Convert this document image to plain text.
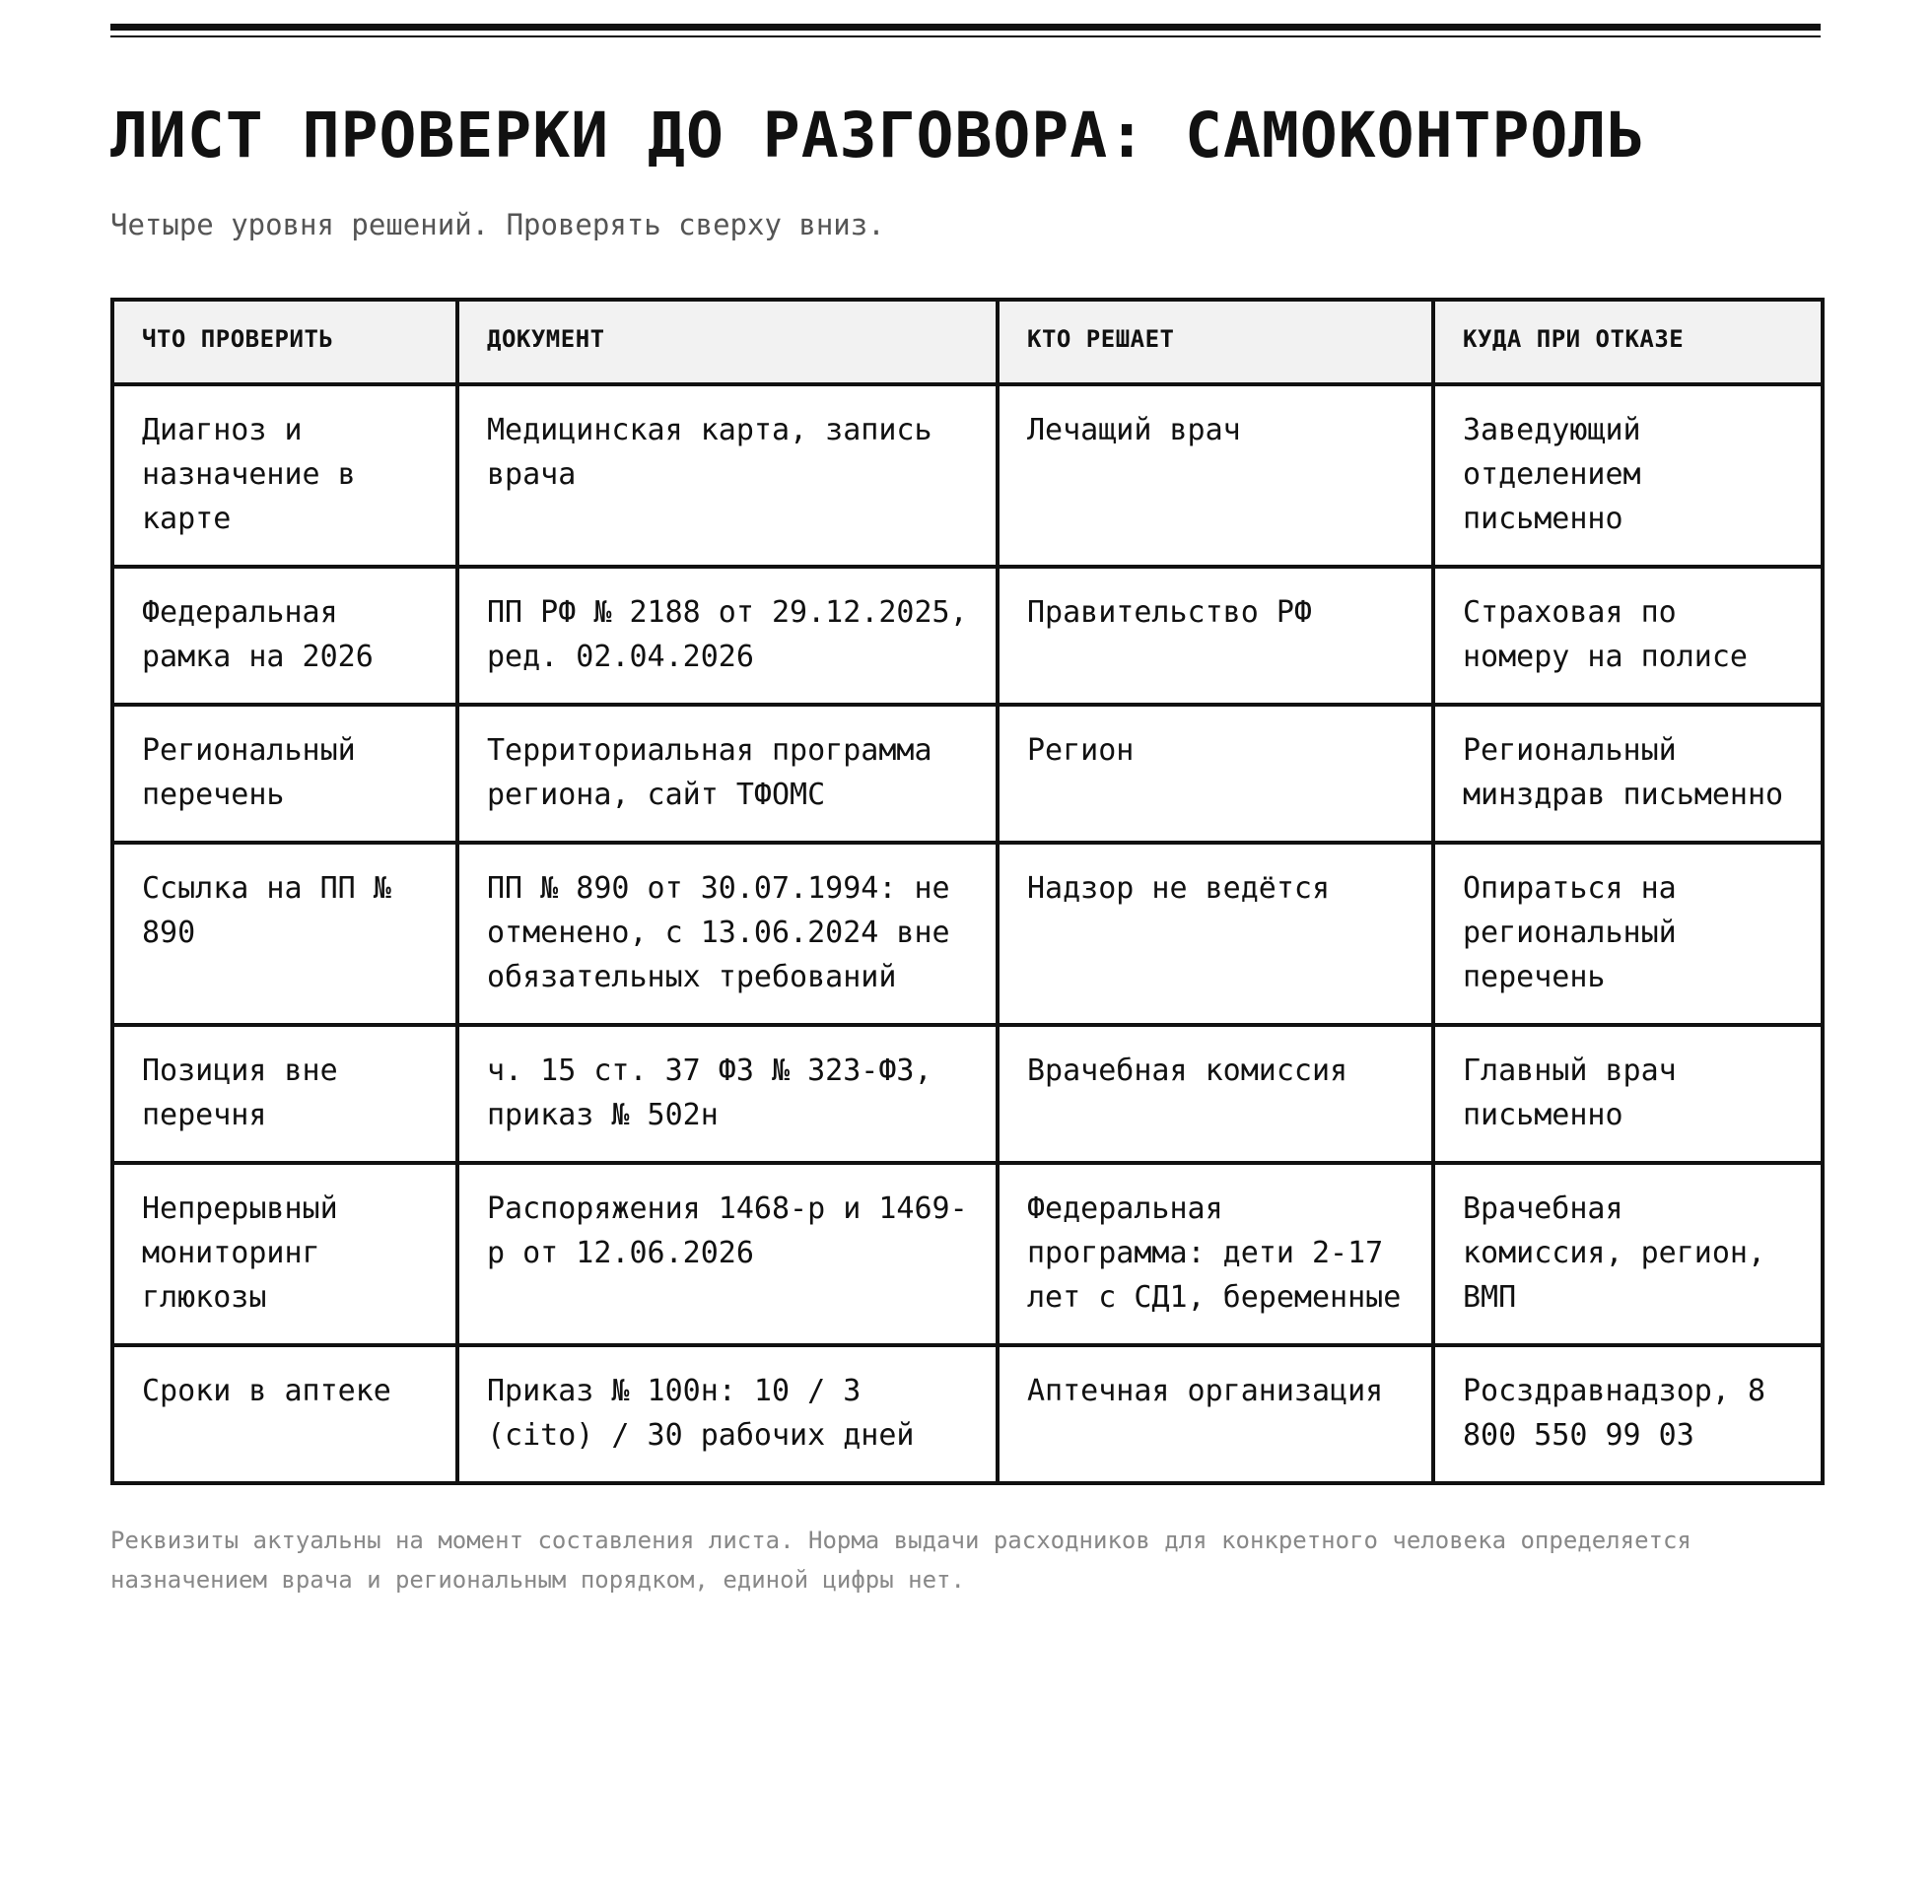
ЛИСТ ПРОВЕРКИ ДО РАЗГОВОРА: САМОКОНТРОЛЬ
Четыре уровня решений. Проверять сверху вниз.
ЧТО ПРОВЕРИТЬ	ДОКУМЕНТ	КТО РЕШАЕТ	КУДА ПРИ ОТКАЗЕ
Диагноз и назначение в карте	Медицинская карта, запись врача	Лечащий врач	Заведующий отделением письменно
Федеральная рамка на 2026	ПП РФ № 2188 от 29.12.2025, ред. 02.04.2026	Правительство РФ	Страховая по номеру на полисе
Региональный перечень	Территориальная программа региона, сайт ТФОМС	Регион	Региональный минздрав письменно
Ссылка на ПП № 890	ПП № 890 от 30.07.1994: не отменено, с 13.06.2024 вне обязательных требований	Надзор не ведётся	Опираться на региональный перечень
Позиция вне перечня	ч. 15 ст. 37 ФЗ № 323-ФЗ, приказ № 502н	Врачебная комиссия	Главный врач письменно
Непрерывный мониторинг глюкозы	Распоряжения 1468-р и 1469-р от 12.06.2026	Федеральная программа: дети 2-17 лет с СД1, беременные	Врачебная комиссия, регион, ВМП
Сроки в аптеке	Приказ № 100н: 10 / 3 (cito) / 30 рабочих дней	Аптечная организация	Росздравнадзор, 8 800 550 99 03
Реквизиты актуальны на момент составления листа. Норма выдачи расходников для конкретного человека определяется назначением врача и региональным порядком, единой цифры нет.
